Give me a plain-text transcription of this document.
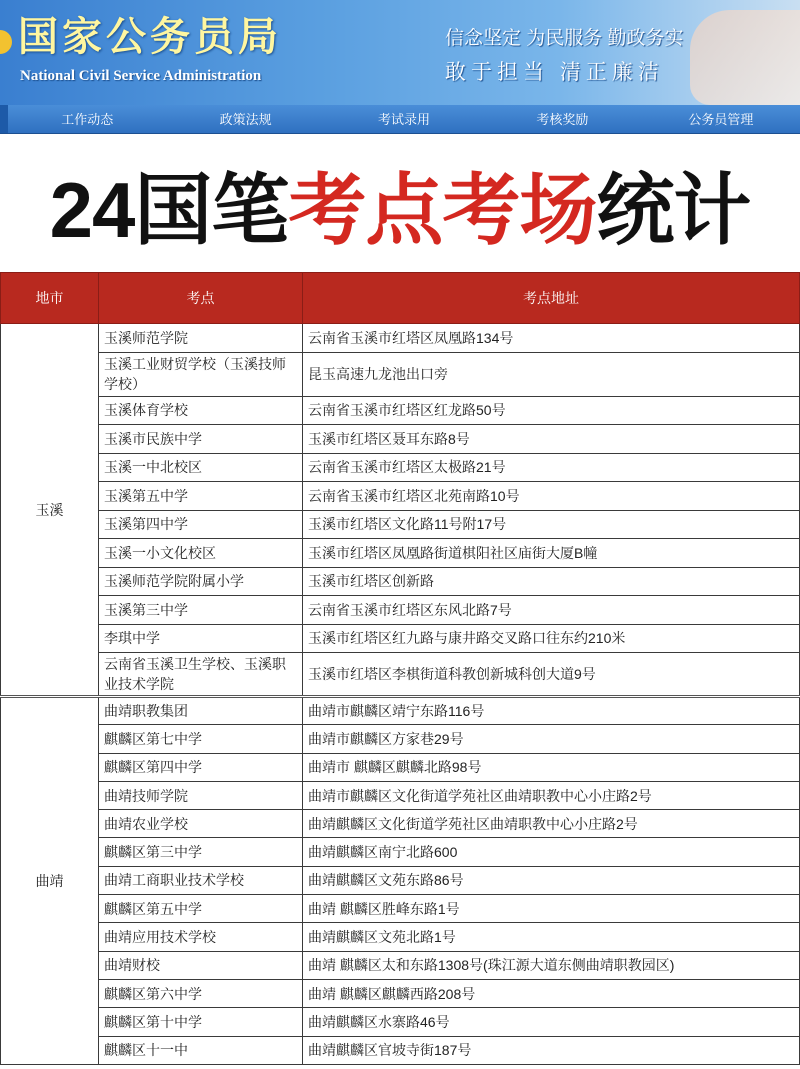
国家公务员局
National Civil Service Administration
信念坚定 为民服务 勤政务实
敢于担当 清正廉洁
工作动态	政策法规	考试录用	考核奖励	公务员管理
24国笔考点考场统计
地市	考点	考点地址
玉溪	玉溪师范学院	云南省玉溪市红塔区凤凰路134号
	玉溪工业财贸学校（玉溪技师学校）	昆玉高速九龙池出口旁
	玉溪体育学校	云南省玉溪市红塔区红龙路50号
	玉溪市民族中学	玉溪市红塔区聂耳东路8号
	玉溪一中北校区	云南省玉溪市红塔区太极路21号
	玉溪第五中学	云南省玉溪市红塔区北苑南路10号
	玉溪第四中学	玉溪市红塔区文化路11号附17号
	玉溪一小文化校区	玉溪市红塔区凤凰路街道棋阳社区庙街大厦B幢
	玉溪师范学院附属小学	玉溪市红塔区创新路
	玉溪第三中学	云南省玉溪市红塔区东风北路7号
	李琪中学	玉溪市红塔区红九路与康井路交叉路口往东约210米
	云南省玉溪卫生学校、玉溪职业技术学院	玉溪市红塔区李棋街道科教创新城科创大道9号
曲靖	曲靖职教集团	曲靖市麒麟区靖宁东路116号
	麒麟区第七中学	曲靖市麒麟区方家巷29号
	麒麟区第四中学	曲靖市 麒麟区麒麟北路98号
	曲靖技师学院	曲靖市麒麟区文化街道学苑社区曲靖职教中心小庄路2号
	曲靖农业学校	曲靖麒麟区文化街道学苑社区曲靖职教中心小庄路2号
	麒麟区第三中学	曲靖麒麟区南宁北路600
	曲靖工商职业技术学校	曲靖麒麟区文苑东路86号
	麒麟区第五中学	曲靖 麒麟区胜峰东路1号
	曲靖应用技术学校	曲靖麒麟区文苑北路1号
	曲靖财校	曲靖 麒麟区太和东路1308号(珠江源大道东侧曲靖职教园区)
	麒麟区第六中学	曲靖 麒麟区麒麟西路208号
	麒麟区第十中学	曲靖麒麟区水寨路46号
	麒麟区十一中	曲靖麒麟区官坡寺街187号
